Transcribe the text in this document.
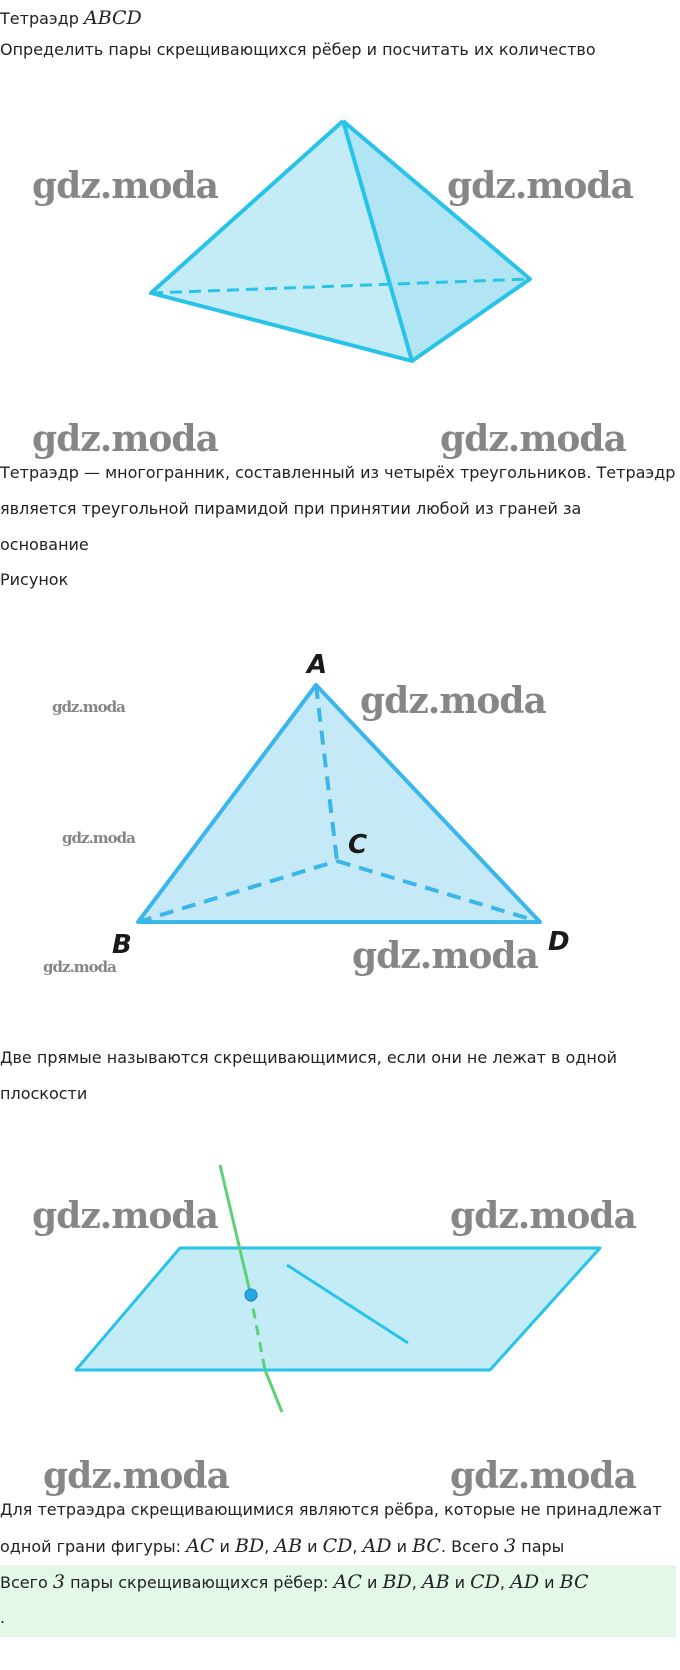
Тетраэдр ABCD
Определить пары скрещивающихся рёбер и посчитать их количество
gdz.moda	gdz.moda
gdz.moda	gdz.moda
Тетраэдр — многогранник, составленный из четырёх треугольников. Тетраэдр
является треугольной пирамидой при принятии любой из граней за
основание
Рисунок
A
B
C
D
gdz.moda
gdz.moda
gdz.moda
gdz.moda
gdz.moda
Две прямые называются скрещивающимися, если они не лежат в одной
плоскости
gdz.moda	gdz.moda
gdz.moda	gdz.moda
Для тетраэдра скрещивающимися являются рёбра, которые не принадлежат
одной грани фигуры: AC и BD, AB и CD, AD и BC. Всего 3 пары
Всего 3 пары скрещивающихся рёбер: AC и BD, AB и CD, AD и BC
.
